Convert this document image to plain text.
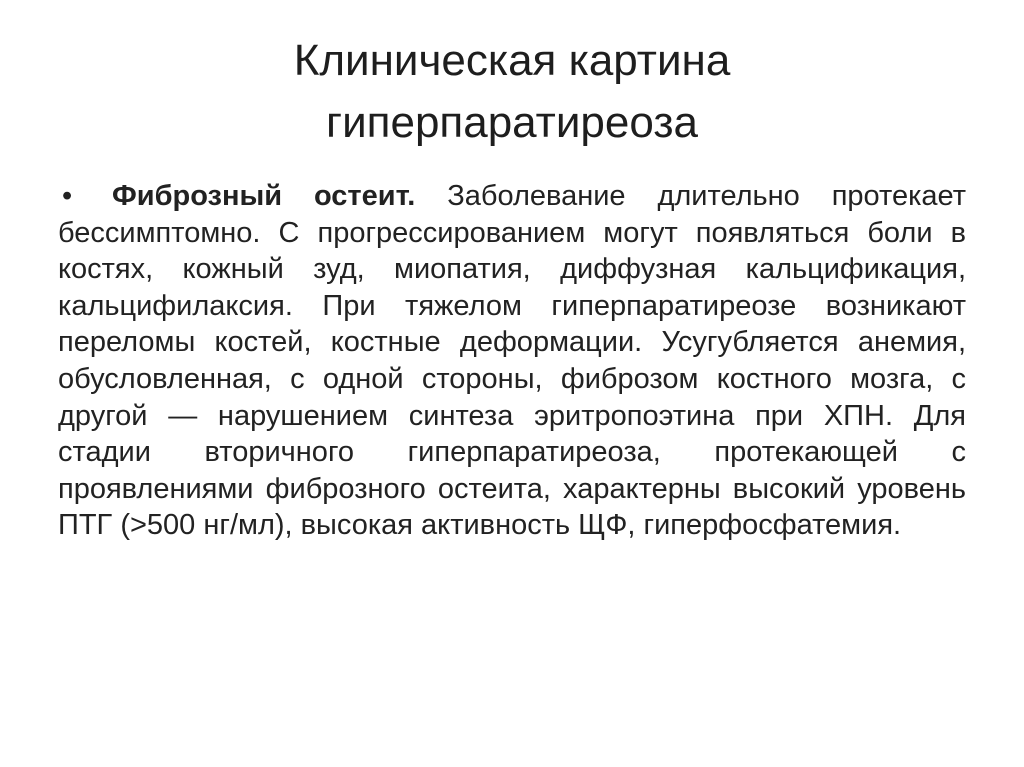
Клиническая картина
гиперпаратиреоза

• Фиброзный остеит. Заболевание длительно протекает бессимптомно. С прогрессированием могут появляться боли в костях, кожный зуд, миопатия, диффузная кальцификация, кальцифилаксия. При тяжелом гиперпаратиреозе возникают переломы костей, костные деформации. Усугубляется анемия, обусловленная, с одной стороны, фиброзом костного мозга, с другой — нарушением синтеза эритропоэтина при ХПН. Для стадии вторичного гиперпаратиреоза, протекающей с проявлениями фиброзного остеита, характерны высокий уровень ПТГ (>500 нг/мл), высокая активность ЩФ, гиперфосфатемия.
